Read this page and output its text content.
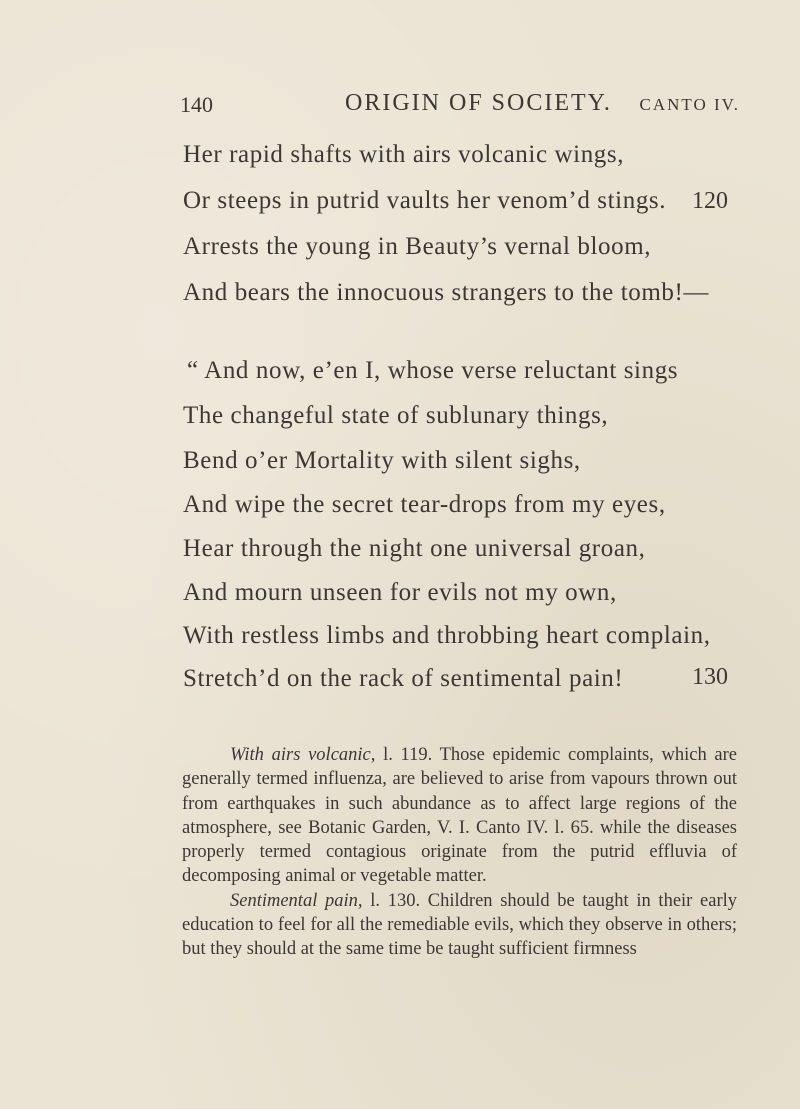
140	ORIGIN OF SOCIETY. CANTO IV.
Her rapid shafts with airs volcanic wings,
Or steeps in putrid vaults her venom’d stings. 120
Arrests the young in Beauty’s vernal bloom,
And bears the innocuous strangers to the tomb!—
“ And now, e’en I, whose verse reluctant sings
The changeful state of sublunary things,
Bend o’er Mortality with silent sighs,
And wipe the secret tear-drops from my eyes,
Hear through the night one universal groan,
And mourn unseen for evils not my own,
With restless limbs and throbbing heart complain,
Stretch’d on the rack of sentimental pain!	130

With airs volcanic, l. 119. Those epidemic complaints, which are generally termed influenza, are believed to arise from vapours thrown out from earthquakes in such abundance as to affect large regions of the atmosphere, see Botanic Garden, V. I. Canto IV. l. 65. while the diseases properly termed contagious originate from the putrid effluvia of decomposing animal or vegetable matter.

Sentimental pain, l. 130. Children should be taught in their early education to feel for all the remediable evils, which they observe in others; but they should at the same time be taught sufficient firmness
